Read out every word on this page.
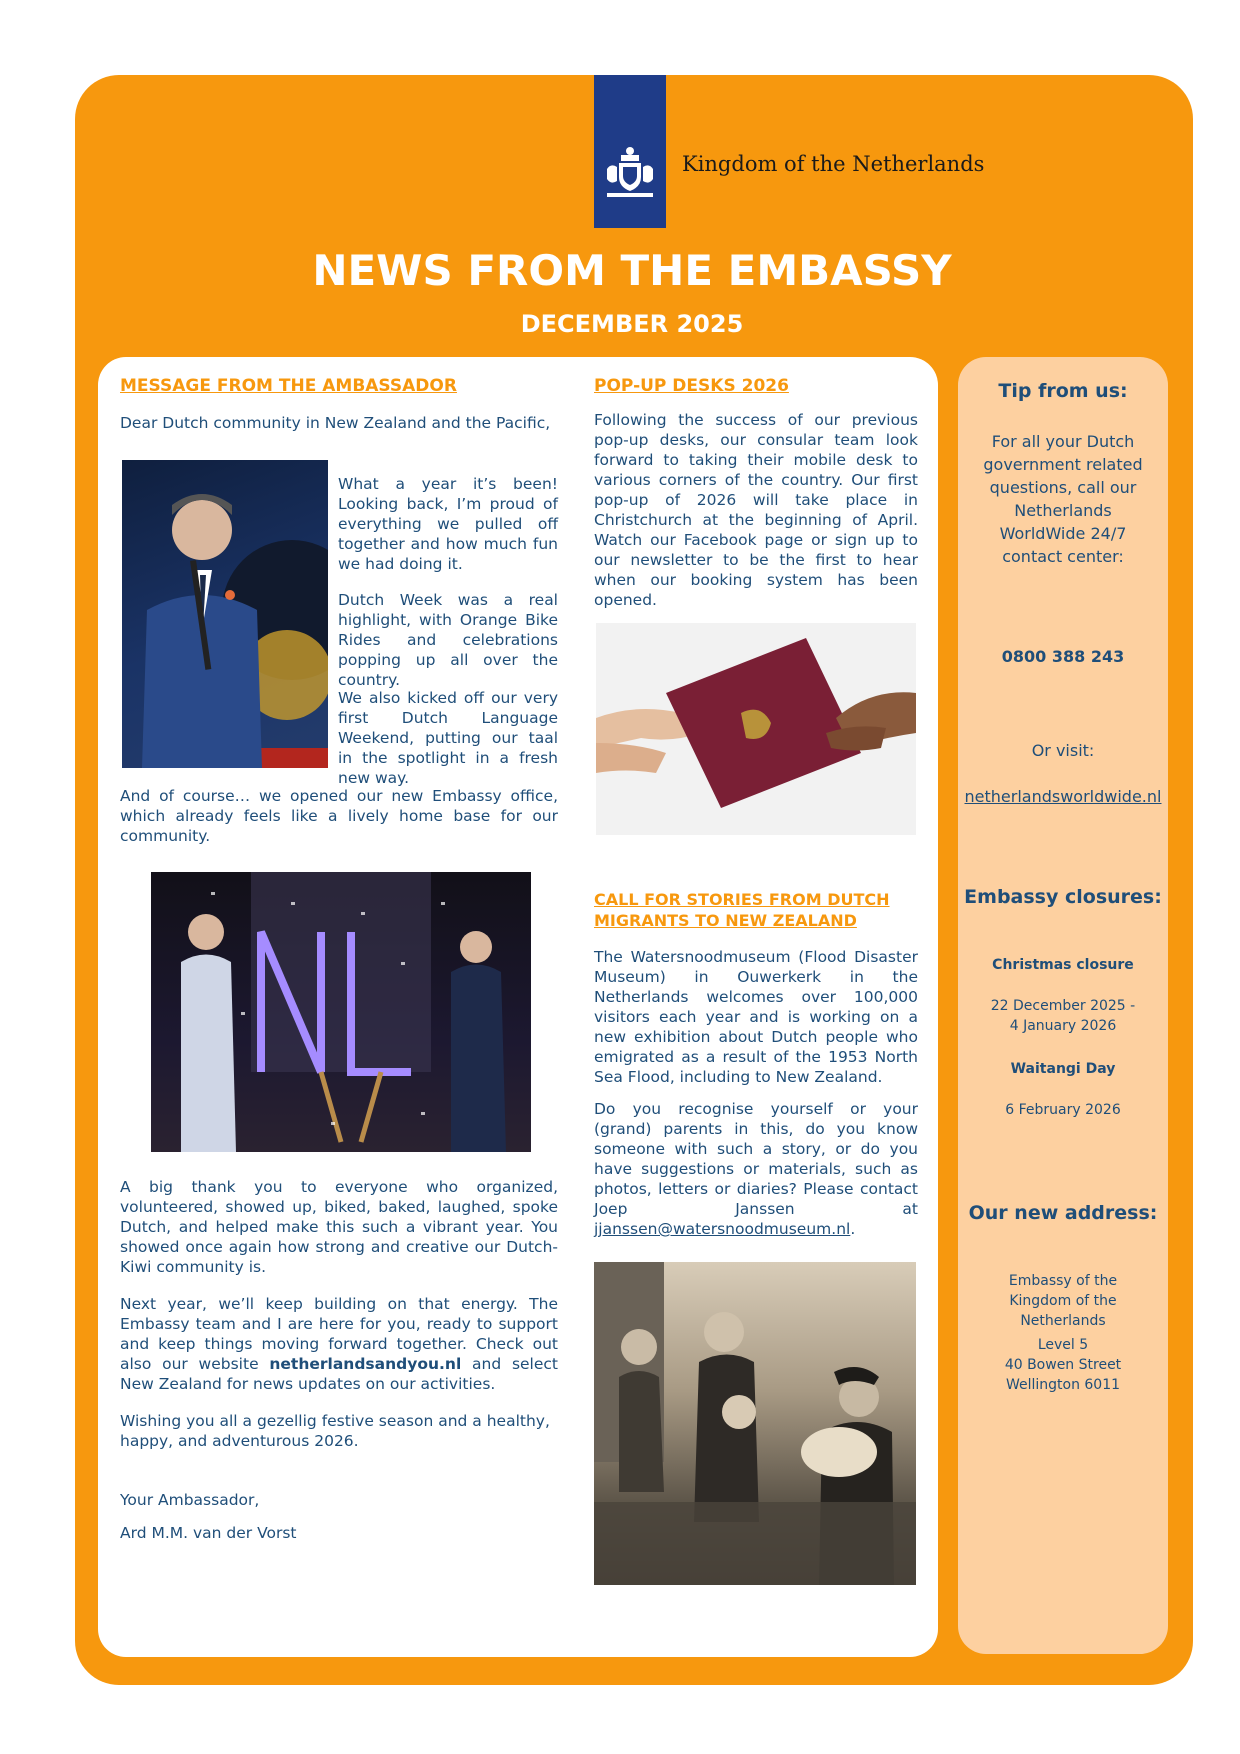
Kingdom of the Netherlands
NEWS FROM THE EMBASSY
DECEMBER 2025
MESSAGE FROM THE AMBASSADOR
Dear Dutch community in New Zealand and the Pacific,
What a year it’s been! Looking back, I’m proud of everything we pulled off together and how much fun we had doing it.
Dutch Week was a real highlight, with Orange Bike Rides and celebrations popping up all over the country.
We also kicked off our very first Dutch Language Weekend, putting our taal in the spotlight in a fresh new way.
And of course… we opened our new Embassy office, which already feels like a lively home base for our community.
A big thank you to everyone who organized, volunteered, showed up, biked, baked, laughed, spoke Dutch, and helped make this such a vibrant year. You showed once again how strong and creative our Dutch-Kiwi community is.
Next year, we’ll keep building on that energy. The Embassy team and I are here for you, ready to support and keep things moving forward together. Check out also our website netherlandsandyou.nl and select New Zealand for news updates on our activities.
Wishing you all a gezellig festive season and a healthy, happy, and adventurous 2026.
Your Ambassador,
Ard M.M. van der Vorst
POP-UP DESKS 2026
Following the success of our previous pop-up desks, our consular team look forward to taking their mobile desk to various corners of the country. Our first pop-up of 2026 will take place in Christchurch at the beginning of April. Watch our Facebook page or sign up to our newsletter to be the first to hear when our booking system has been opened.
CALL FOR STORIES FROM DUTCH
MIGRANTS TO NEW ZEALAND
The Watersnoodmuseum (Flood Disaster Museum) in Ouwerkerk in the Netherlands welcomes over 100,000 visitors each year and is working on a new exhibition about Dutch people who emigrated as a result of the 1953 North Sea Flood, including to New Zealand.
Do you recognise yourself or your (grand) parents in this, do you know someone with such a story, or do you have suggestions or materials, such as photos, letters or diaries? Please contact Joep Janssen at jjanssen@watersnoodmuseum.nl.
Tip from us:
For all your Dutch government related questions, call our Netherlands WorldWide 24/7 contact center:
0800 388 243
Or visit:
netherlandsworldwide.nl
Embassy closures:
Christmas closure
22 December 2025 - 4 January 2026
Waitangi Day
6 February 2026
Our new address:
Embassy of the Kingdom of the Netherlands
Level 5
40 Bowen Street
Wellington 6011
